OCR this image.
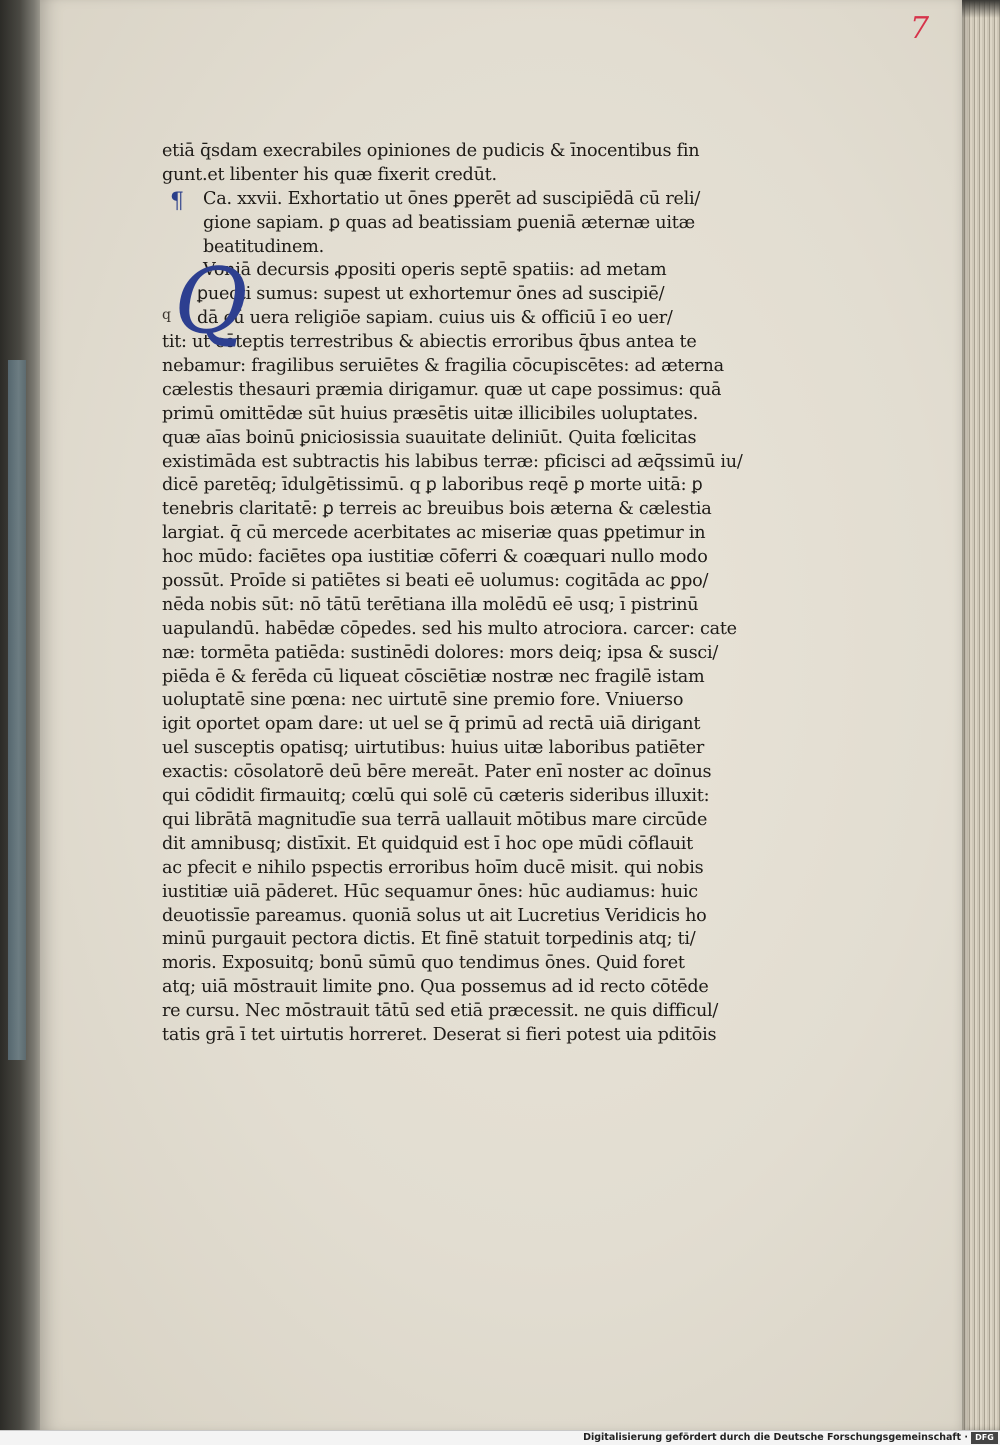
7
etiā q̄sdam execrabiles opiniones de pudicis & īnocentibus fin
gunt.et libenter his quæ fixerit credūt.
¶	Ca. xxvii. Exhortatio ut ōnes ꝑperēt ad suscipiēdā cū reli/
gione sapiam. ꝑ quas ad beatissiam ꝑueniā æternæ uitæ
beatitudinem.
Q
q
Voniā decursis ꝓpositi operis septē spatiis: ad metam
ꝑuecti sumus: supest ut exhortemur ōnes ad suscipiē/
dā cū uera religiōe sapiam. cuius uis & officiū ī eo uer/
tit: ut cōteptis terrestribus & abiectis erroribus q̄bus antea te
nebamur: fragilibus seruiētes & fragilia cōcupiscētes: ad æterna
cælestis thesauri præmia dirigamur. quæ ut cape possimus: quā
primū omittēdæ sūt huius præsētis uitæ illicibiles uoluptates.
quæ aīas boinū ꝑniciosissia suauitate deliniūt. Quita fœlicitas
existimāda est subtractis his labibus terræ: pficisci ad æq̄ssimū iu/
dicē paretēq; īdulgētissimū. q ꝑ laboribus reqē ꝑ morte uitā: ꝑ
tenebris claritatē: ꝑ terreis ac breuibus bois æterna & cælestia
largiat. q̄ cū mercede acerbitates ac miseriæ quas ꝑpetimur in
hoc mūdo: faciētes opa iustitiæ cōferri & coæquari nullo modo
possūt. Proīde si patiētes si beati eē uolumus: cogitāda ac ꝑpo/
nēda nobis sūt: nō tātū terētiana illa molēdū eē usq; ī pistrinū
uapulandū. habēdæ cōpedes. sed his multo atrociora. carcer: cate
næ: tormēta patiēda: sustinēdi dolores: mors deiq; ipsa & susci/
piēda ē & ferēda cū liqueat cōsciētiæ nostræ nec fragilē istam
uoluptatē sine pœna: nec uirtutē sine premio fore. Vniuerso
igit oportet opam dare: ut uel se q̄ primū ad rectā uiā dirigant
uel susceptis opatisq; uirtutibus: huius uitæ laboribus patiēter
exactis: cōsolatorē deū bēre mereāt. Pater enī noster ac doīnus
qui cōdidit firmauitq; cœlū qui solē cū cæteris sideribus illuxit:
qui librātā magnitudīe sua terrā uallauit mōtibus mare circūde
dit amnibusq; distīxit. Et quidquid est ī hoc ope mūdi cōflauit
ac pfecit e nihilo pspectis erroribus hoīm ducē misit. qui nobis
iustitiæ uiā pāderet. Hūc sequamur ōnes: hūc audiamus: huic
deuotissīe pareamus. quoniā solus ut ait Lucretius Veridicis ho
minū purgauit pectora dictis. Et finē statuit torpedinis atq; ti/
moris. Exposuitq; bonū sūmū quo tendimus ōnes. Quid foret
atq; uiā mōstrauit limite ꝑno. Qua possemus ad id recto cōtēde
re cursu. Nec mōstrauit tātū sed etiā præcessit. ne quis difficul/
tatis grā ī tet uirtutis horreret. Deserat si fieri potest uia pditōis
Digitalisierung gefördert durch die Deutsche Forschungsgemeinschaft · DFG
